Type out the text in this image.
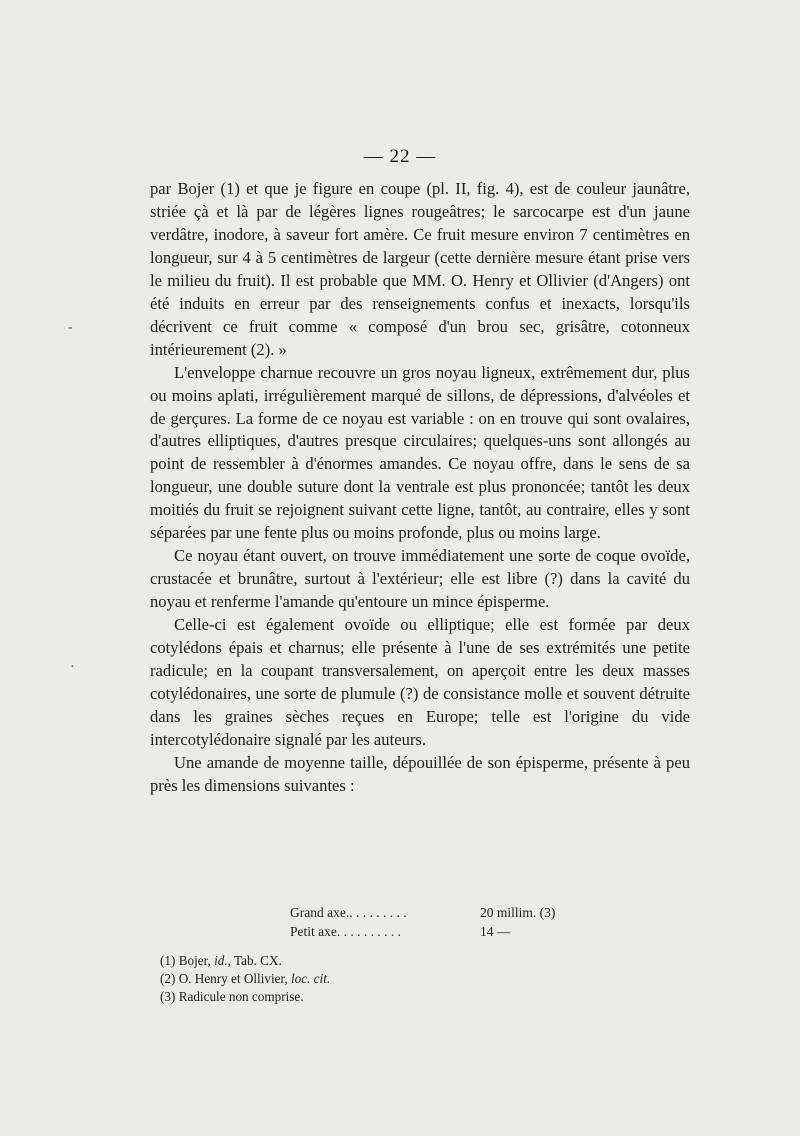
— 22 —

par Bojer (1) et que je figure en coupe (pl. II, fig. 4), est de couleur jaunâtre, striée çà et là par de légères lignes rougeâtres; le sarcocarpe est d'un jaune verdâtre, inodore, à saveur fort amère. Ce fruit mesure environ 7 centimètres en longueur, sur 4 à 5 centimètres de largeur (cette dernière mesure étant prise vers le milieu du fruit). Il est probable que MM. O. Henry et Ollivier (d'Angers) ont été induits en erreur par des renseignements confus et inexacts, lorsqu'ils décrivent ce fruit comme « composé d'un brou sec, grisâtre, cotonneux intérieurement (2). »

L'enveloppe charnue recouvre un gros noyau ligneux, extrêmement dur, plus ou moins aplati, irrégulièrement marqué de sillons, de dépressions, d'alvéoles et de gerçures. La forme de ce noyau est variable : on en trouve qui sont ovalaires, d'autres elliptiques, d'autres presque circulaires; quelques-uns sont allongés au point de ressembler à d'énormes amandes. Ce noyau offre, dans le sens de sa longueur, une double suture dont la ventrale est plus prononcée; tantôt les deux moitiés du fruit se rejoignent suivant cette ligne, tantôt, au contraire, elles y sont séparées par une fente plus ou moins profonde, plus ou moins large.

Ce noyau étant ouvert, on trouve immédiatement une sorte de coque ovoïde, crustacée et brunâtre, surtout à l'extérieur; elle est libre (?) dans la cavité du noyau et renferme l'amande qu'entoure un mince épisperme.

Celle-ci est également ovoïde ou elliptique; elle est formée par deux cotylédons épais et charnus; elle présente à l'une de ses extrémités une petite radicule; en la coupant transversalement, on aperçoit entre les deux masses cotylédonaires, une sorte de plumule (?) de consistance molle et souvent détruite dans les graines sèches reçues en Europe; telle est l'origine du vide intercotylédonaire signalé par les auteurs.

Une amande de moyenne taille, dépouillée de son épisperme, présente à peu près les dimensions suivantes :

Grand axe.. . . . . . . . .	20 millim. (3)
Petit axe. . . . . . . . . .	14 —
(1) Bojer, id., Tab. CX.
(2) O. Henry et Ollivier, loc. cit.
(3) Radicule non comprise.
-
·
